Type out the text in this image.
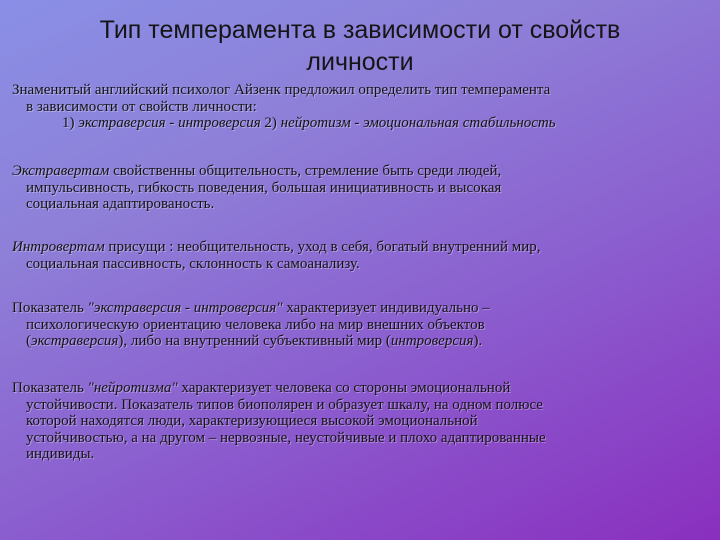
Тип темперамента в зависимости от свойств
личности
Знаменитый английский психолог Айзенк предложил определить тип темперамента
в зависимости от свойств личности:
1) экстраверсия - интроверсия 2) нейротизм - эмоциональная стабильность
Экстравертам свойственны общительность, стремление быть среди людей,
импульсивность, гибкость поведения, большая инициативность и высокая
социальная адаптированость.
Интровертам присущи : необщительность, уход в себя, богатый внутренний мир,
социальная пассивность, склонность к самоанализу.
Показатель "экстраверсия - интроверсия" характеризует индивидуально –
психологическую ориентацию человека либо на мир внешних объектов
(экстраверсия), либо на внутренний субъективный мир (интроверсия).
Показатель "нейротизма" характеризует человека со стороны эмоциональной
устойчивости. Показатель типов биополярен и образует шкалу, на одном полюсе
которой находятся люди, характеризующиеся высокой эмоциональной
устойчивостью, а на другом – нервозные, неустойчивые и плохо адаптированные
индивиды.
